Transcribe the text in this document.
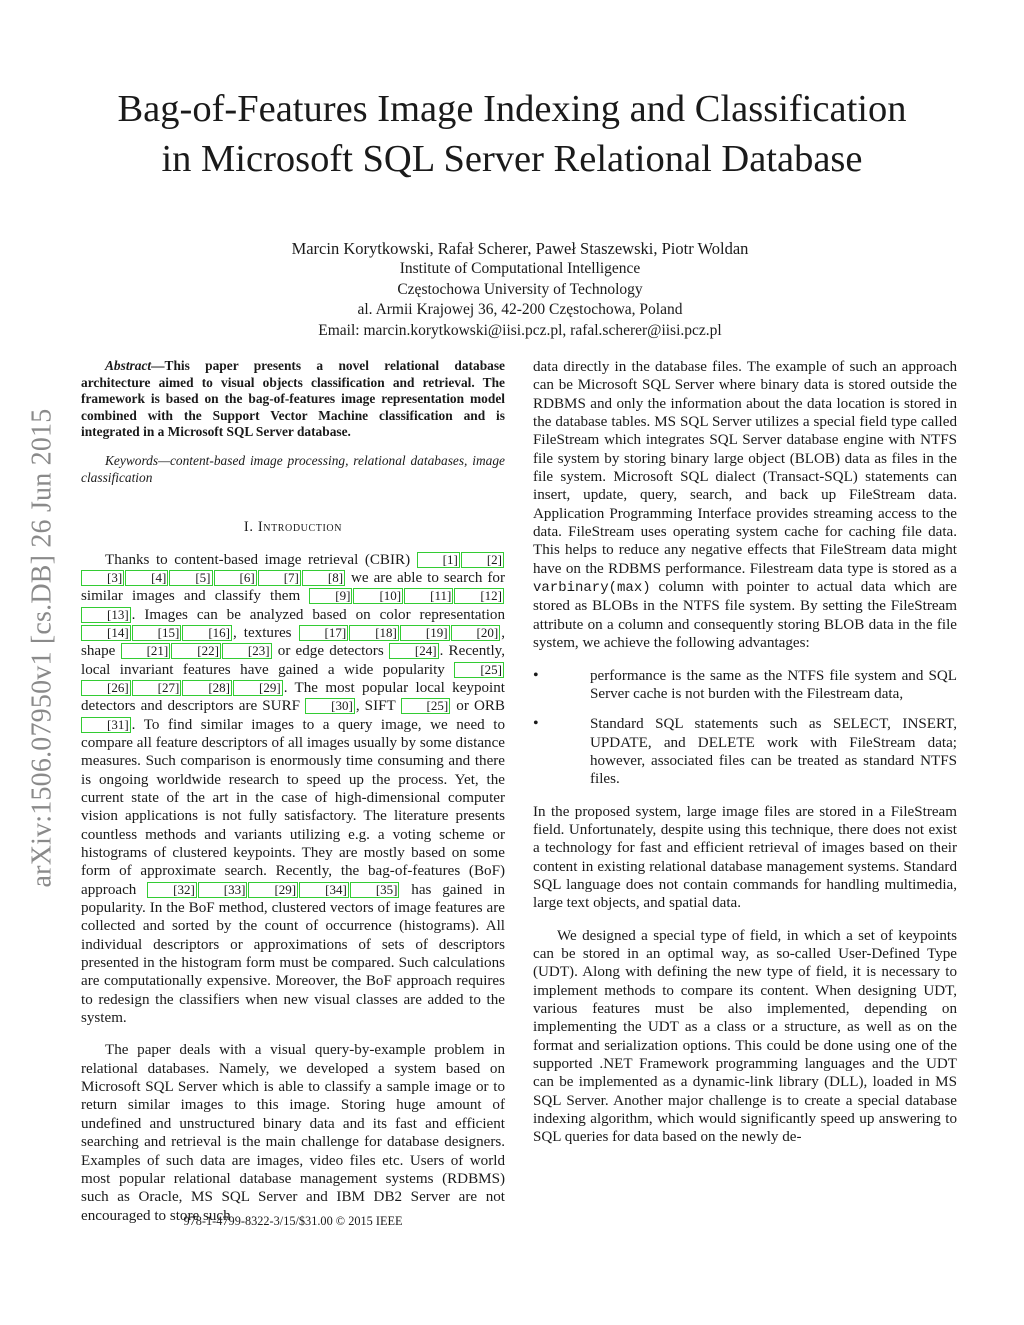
arXiv:1506.07950v1 [cs.DB] 26 Jun 2015
Bag-of-Features Image Indexing and Classification
in Microsoft SQL Server Relational Database
Marcin Korytkowski, Rafał Scherer, Paweł Staszewski, Piotr Woldan
Institute of Computational Intelligence
Częstochowa University of Technology
al. Armii Krajowej 36, 42-200 Częstochowa, Poland
Email: marcin.korytkowski@iisi.pcz.pl, rafal.scherer@iisi.pcz.pl

Abstract—This paper presents a novel relational database architecture aimed to visual objects classification and retrieval. The framework is based on the bag-of-features image representation model combined with the Support Vector Machine classification and is integrated in a Microsoft SQL Server database.

Keywords—content-based image processing, relational databases, image classification

I. Introduction

Thanks to content-based image retrieval (CBIR) [1] [2][3] [4] [5] [6] [7] [8] we are able to search for similar images and classify them [9] [10] [11] [12][13] . Images can be analyzed based on color representation [14] [15] [16] , textures [17] [18] [19] [20] , shape [21] [22] [23] or edge detectors [24] . Recently, local invariant features have gained a wide popularity [25][26] [27] [28] [29] . The most popular local keypoint detectors and descriptors are SURF [30] , SIFT [25] or ORB [31] . To find similar images to a query image, we need to compare all feature descriptors of all images usually by some distance measures. Such comparison is enormously time consuming and there is ongoing worldwide research to speed up the process. Yet, the current state of the art in the case of high-dimensional computer vision applications is not fully satisfactory. The literature presents countless methods and variants utilizing e.g. a voting scheme or histograms of clustered keypoints. They are mostly based on some form of approximate search. Recently, the bag-of-features (BoF) approach [32] [33] [29] [34] [35] has gained in popularity. In the BoF method, clustered vectors of image features are collected and sorted by the count of occurrence (histograms). All individual descriptors or approximations of sets of descriptors presented in the histogram form must be compared. Such calculations are computationally expensive. Moreover, the BoF approach requires to redesign the classifiers when new visual classes are added to the system.

The paper deals with a visual query-by-example problem in relational databases. Namely, we developed a system based on Microsoft SQL Server which is able to classify a sample image or to return similar images to this image. Storing huge amount of undefined and unstructured binary data and its fast and efficient searching and retrieval is the main challenge for database designers. Examples of such data are images, video files etc. Users of world most popular relational database management systems (RDBMS) such as Oracle, MS SQL Server and IBM DB2 Server are not encouraged to store such

data directly in the database files. The example of such an approach can be Microsoft SQL Server where binary data is stored outside the RDBMS and only the information about the data location is stored in the database tables. MS SQL Server utilizes a special field type called FileStream which integrates SQL Server database engine with NTFS file system by storing binary large object (BLOB) data as files in the file system. Microsoft SQL dialect (Transact-SQL) statements can insert, update, query, search, and back up FileStream data. Application Programming Interface provides streaming access to the data. FileStream uses operating system cache for caching file data. This helps to reduce any negative effects that FileStream data might have on the RDBMS performance. Filestream data type is stored as a varbinary(max) column with pointer to actual data which are stored as BLOBs in the NTFS file system. By setting the FileStream attribute on a column and consequently storing BLOB data in the file system, we achieve the following advantages:

• performance is the same as the NTFS file system and SQL Server cache is not burden with the Filestream data,
• Standard SQL statements such as SELECT, INSERT, UPDATE, and DELETE work with FileStream data; however, associated files can be treated as standard NTFS files.

In the proposed system, large image files are stored in a FileStream field. Unfortunately, despite using this technique, there does not exist a technology for fast and efficient retrieval of images based on their content in existing relational database management systems. Standard SQL language does not contain commands for handling multimedia, large text objects, and spatial data.

We designed a special type of field, in which a set of keypoints can be stored in an optimal way, as so-called User-Defined Type (UDT). Along with defining the new type of field, it is necessary to implement methods to compare its content. When designing UDT, various features must be also implemented, depending on implementing the UDT as a class or a structure, as well as on the format and serialization options. This could be done using one of the supported .NET Framework programming languages and the UDT can be implemented as a dynamic-link library (DLL), loaded in MS SQL Server. Another major challenge is to create a special database indexing algorithm, which would significantly speed up answering to SQL queries for data based on the newly de-

978-1-4799-8322-3/15/$31.00 © 2015 IEEE
